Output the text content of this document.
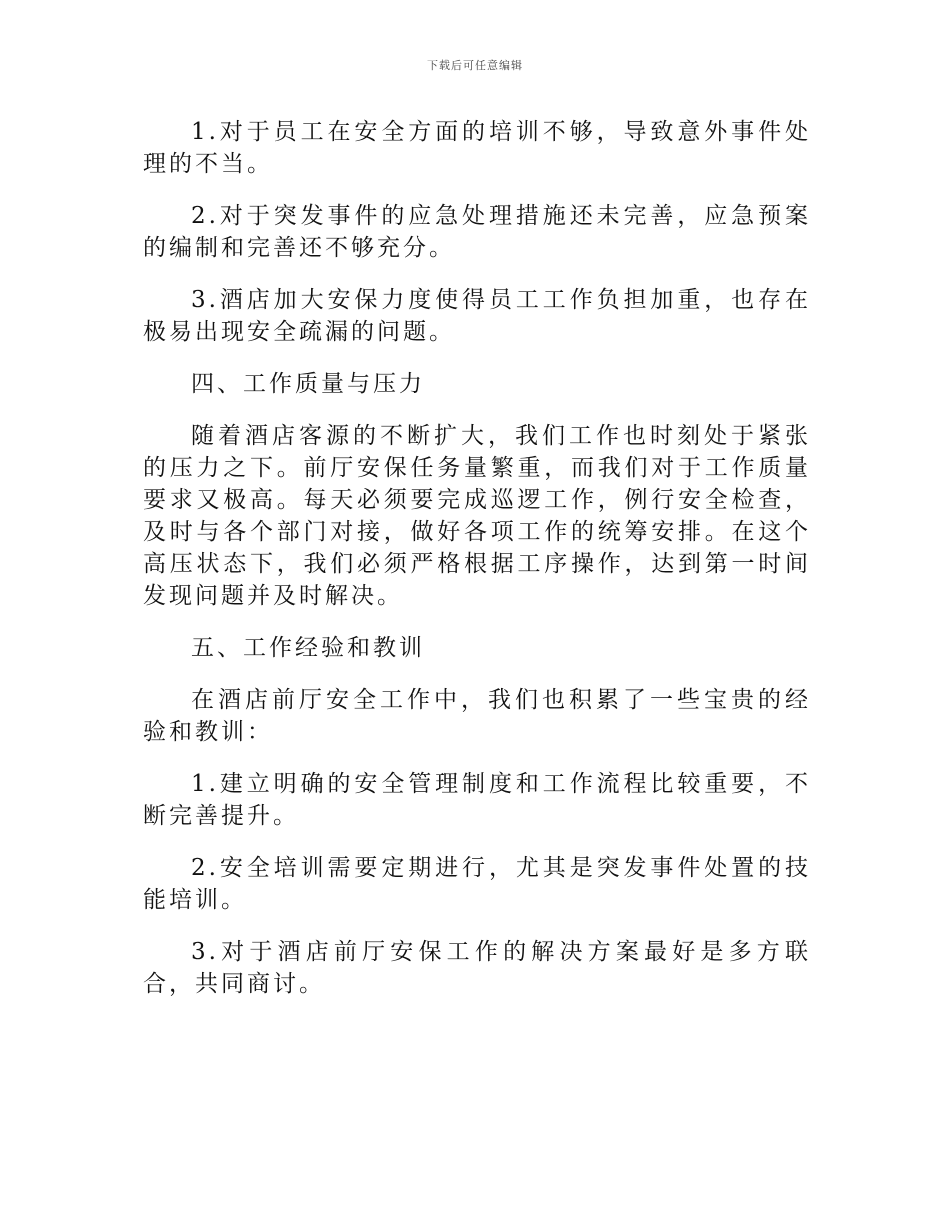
下载后可任意编辑

1.对于员工在安全方面的培训不够，导致意外事件处理的不当。

2.对于突发事件的应急处理措施还未完善，应急预案的编制和完善还不够充分。

3.酒店加大安保力度使得员工工作负担加重，也存在极易出现安全疏漏的问题。

四、工作质量与压力

随着酒店客源的不断扩大，我们工作也时刻处于紧张的压力之下。前厅安保任务量繁重，而我们对于工作质量要求又极高。每天必须要完成巡逻工作，例行安全检查，及时与各个部门对接，做好各项工作的统筹安排。在这个高压状态下，我们必须严格根据工序操作，达到第一时间发现问题并及时解决。

五、工作经验和教训

在酒店前厅安全工作中，我们也积累了一些宝贵的经验和教训：

1.建立明确的安全管理制度和工作流程比较重要，不断完善提升。

2.安全培训需要定期进行，尤其是突发事件处置的技能培训。

3.对于酒店前厅安保工作的解决方案最好是多方联合，共同商讨。
